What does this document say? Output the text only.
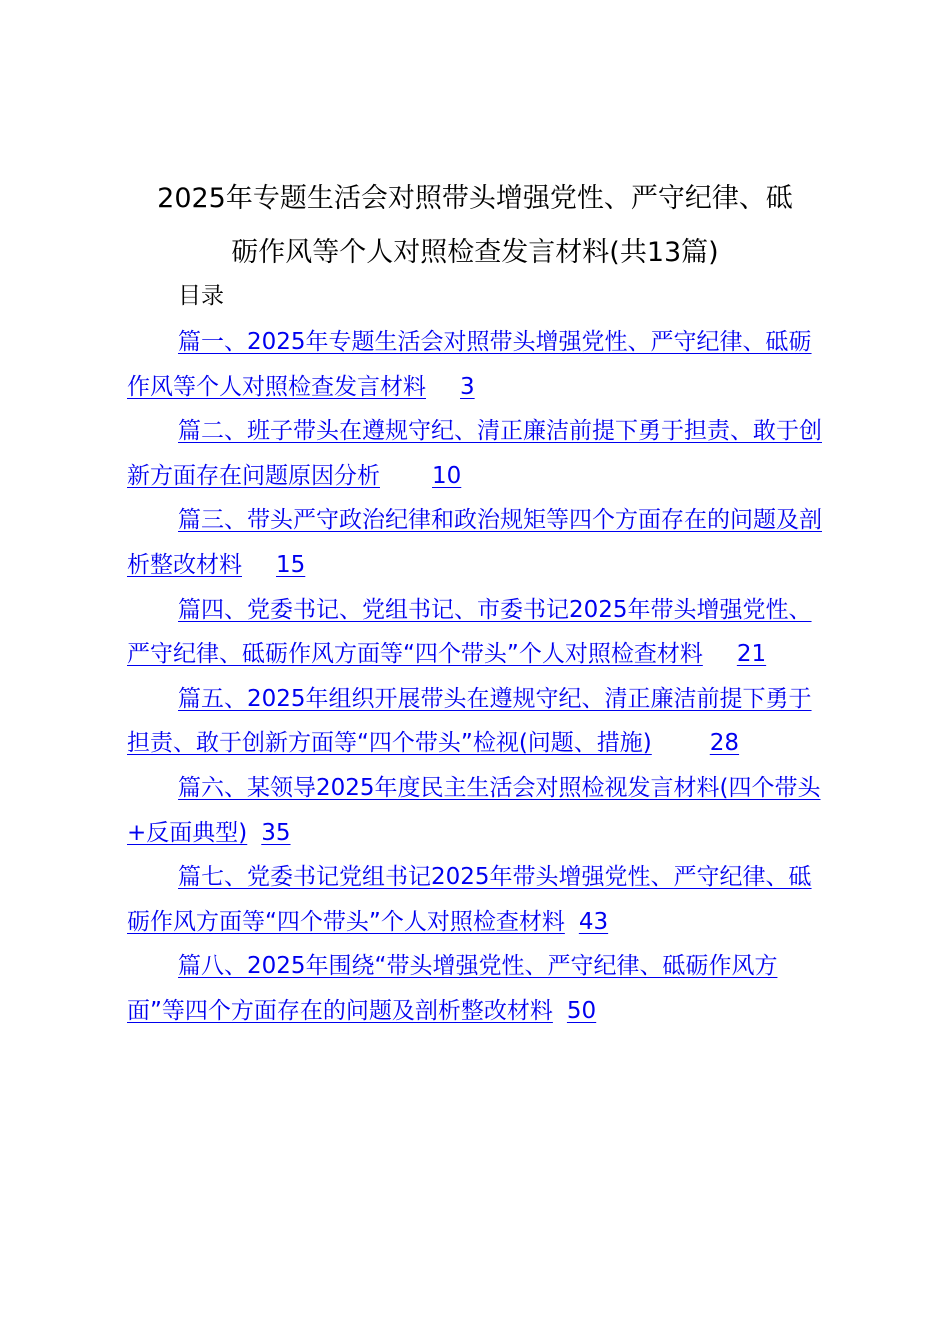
2025年专题生活会对照带头增强党性、严守纪律、砥
砺作风等个人对照检查发言材料(共13篇)
目录
篇一、2025年专题生活会对照带头增强党性、严守纪律、砥砺作风等个人对照检查发言材料 3
篇二、班子带头在遵规守纪、清正廉洁前提下勇于担责、敢于创新方面存在问题原因分析 10
篇三、带头严守政治纪律和政治规矩等四个方面存在的问题及剖析整改材料 15
篇四、党委书记、党组书记、市委书记2025年带头增强党性、严守纪律、砥砺作风方面等“四个带头”个人对照检查材料 21
篇五、2025年组织开展带头在遵规守纪、清正廉洁前提下勇于担责、敢于创新方面等“四个带头”检视(问题、措施)	28
篇六、某领导2025年度民主生活会对照检视发言材料(四个带头+反面典型) 35
篇七、党委书记党组书记2025年带头增强党性、严守纪律、砥砺作风方面等“四个带头”个人对照检查材料 43
篇八、2025年围绕“带头增强党性、严守纪律、砥砺作风方面”等四个方面存在的问题及剖析整改材料 50
